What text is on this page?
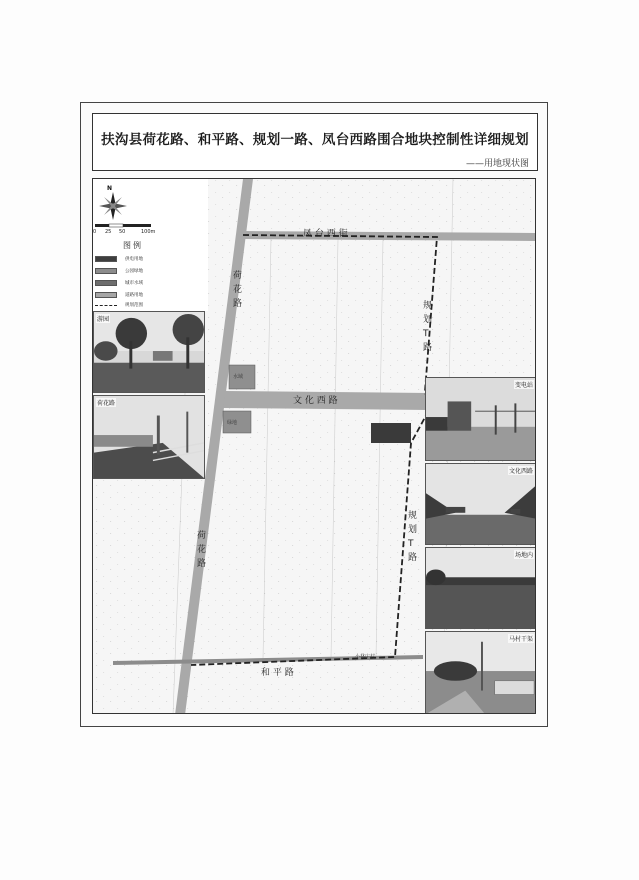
扶沟县荷花路、和平路、规划一路、凤台西路围合地块控制性详细规划
——用地现状图
凤 台 西 街
规 划 T 路
文 化 西 路
规 划 T 路
荷 花 路
荷 花 路
和 平 路
水域
绿地
小林庄村
N
0 25 50	100m
图例
供电用地
公园绿地
城市水域
道路用地
规划范围
游园
荷花路
变电站
文化西路
场地内
马村干渠
